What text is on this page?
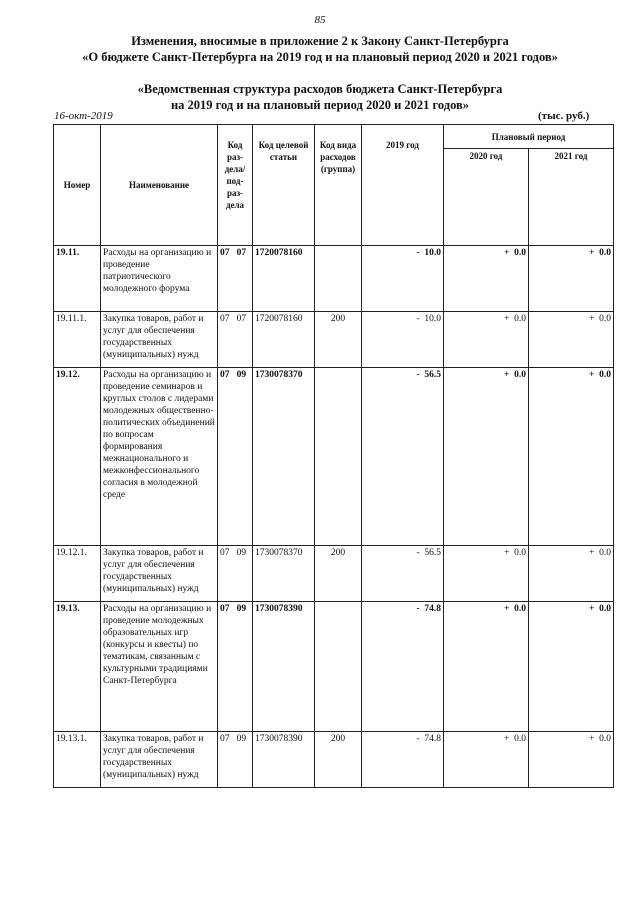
85
Изменения, вносимые в приложение 2 к Закону Санкт-Петербурга
«О бюджете Санкт-Петербурга на 2019 год и на плановый период 2020 и 2021 годов»
«Ведомственная структура расходов бюджета Санкт-Петербурга
на 2019 год и на плановый период 2020 и 2021 годов»
16-окт-2019	(тыс. руб.)
Номер	Наименование	Код раз-дела/ под-раз-дела	Код целевой статьи	Код вида расходов (группа)	2019 год	Плановый период	
						2020 год	2021 год
19.11.	Расходы на организацию и проведение патриотического молодежного форума	07 07	1720078160		-  10.0	+  0.0	+  0.0
19.11.1.	Закупка товаров, работ и услуг для обеспечения государственных (муниципальных) нужд	07 07	1720078160	200	-  10.0	+  0.0	+  0.0
19.12.	Расходы на организацию и проведение семинаров и круглых столов с лидерами молодежных общественно-политических объединений по вопросам формирования межнационального и межконфессионального согласия в молодежной среде	07 09	1730078370		-  56.5	+  0.0	+  0.0
19.12.1.	Закупка товаров, работ и услуг для обеспечения государственных (муниципальных) нужд	07 09	1730078370	200	-  56.5	+  0.0	+  0.0
19.13.	Расходы на организацию и проведение молодежных образовательных игр (конкурсы и квесты) по тематикам, связанным с культурными традициями Санкт-Петербурга	07 09	1730078390		-  74.8	+  0.0	+  0.0
19.13.1.	Закупка товаров, работ и услуг для обеспечения государственных (муниципальных) нужд	07 09	1730078390	200	-  74.8	+  0.0	+  0.0
